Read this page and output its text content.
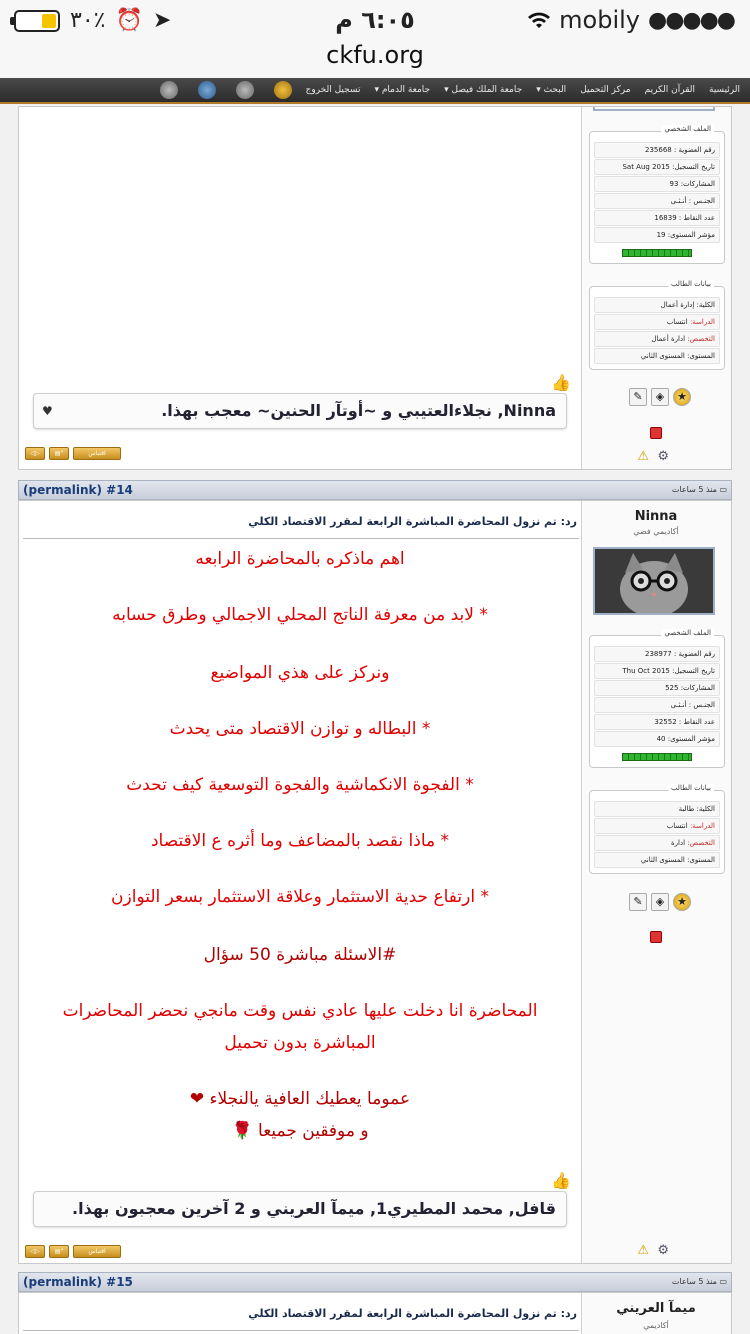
٣٠٪ ⏰ ➤	٦:٠٥ م	mobily ●●●●●
ckfu.org
الرئيسية
القرآن الكريم
مركز التحميل
البحث ▾
جامعة الملك فيصل ▾
جامعة الدمام ▾
تسجيل الخروج
الملف الشخصي
رقم العضوية : 235668
تاريخ التسجيل: Sat Aug 2015
المشاركات: 93
الجنـس : أنـثـى
عدد النقاط : 16839
مؤشر المستوى: 19
بيانات الطالب
الكلية: إدارة أعمال
الدراسة: انتساب
التخصص: ادارة أعمال
المستوى: المستوى الثاني
✎	◈	★
⚠ ⚙
👍
Ninna, نجلاءالعتيبي و ~أوتآر الحنين~ معجب بهذا.
♥
◁▷	▤"	اقتباس
(permalink) #14	▭ منذ 5 ساعات
Ninna
أكاديمي فضي
الملف الشخصي
رقم العضوية : 238977
تاريخ التسجيل: Thu Oct 2015
المشاركات: 525
الجنـس : أنـثـى
عدد النقاط : 32552
مؤشر المستوى: 40
بيانات الطالب
الكلية: طالبة
الدراسة: انتساب
التخصص: ادارة
المستوى: المستوى الثاني
✎	◈	★
⚠ ⚙
رد: تم نزول المحاضرة المباشرة الرابعة لمقرر الاقتصاد الكلي
اهم ماذكره بالمحاضرة الرابعه
* لابد من معرفة الناتج المحلي الاجمالي وطرق حسابه
ونركز على هذي المواضيع
* البطاله و توازن الاقتصاد متى يحدث
* الفجوة الانكماشية والفجوة التوسعية كيف تحدث
* ماذا نقصد بالمضاعف وما أثره ع الاقتصاد
* ارتفاع حدية الاستثمار وعلاقة الاستثمار بسعر التوازن
#الاسئلة مباشرة 50 سؤال
المحاضرة انا دخلت عليها عادي نفس وقت مانجي نحضر المحاضرات
المباشرة بدون تحميل
عموما يعطيك العافية يالنجلاء ❤
و موفقين جميعا 🌹
👍
قافل, محمد المطيري1, ميمآ العريني و 2 آخرين معجبون بهذا.
◁▷	▤"	اقتباس
(permalink) #15	▭ منذ 5 ساعات
ميمآ العريني
أكاديمي
رد: تم نزول المحاضرة المباشرة الرابعة لمقرر الاقتصاد الكلي
